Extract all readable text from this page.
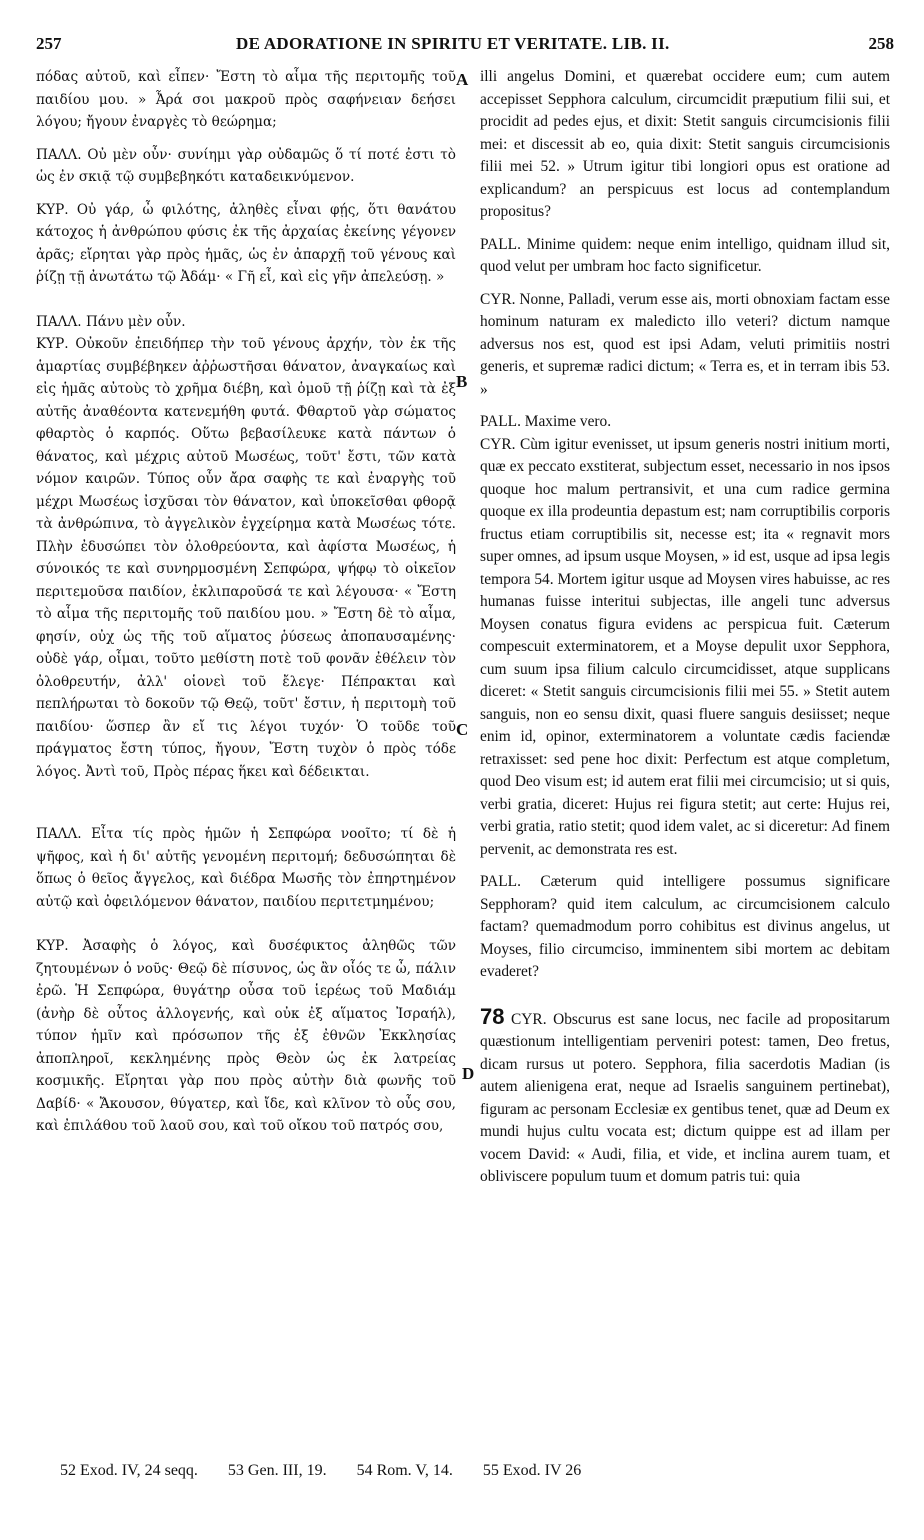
257	DE ADORATIONE IN SPIRITU ET VERITATE. LIB. II.	258

πόδας αὐτοῦ, καὶ εἶπεν· Ἔστη τὸ αἷμα τῆς περιτομῆς τοῦ παιδίου μου. » Ἆρά σοι μακροῦ πρὸς σαφήνειαν δεήσει λόγου; ἤγουν ἐναργὲς τὸ θεώρημα;

ΠΑΛΛ. Οὐ μὲν οὖν· συνίημι γὰρ οὐδαμῶς ὅ τί ποτέ ἐστι τὸ ὡς ἐν σκιᾷ τῷ συμβεβηκότι καταδεικνύμενον.

ΚΥΡ. Οὐ γάρ, ὦ φιλότης, ἀληθὲς εἶναι φῄς, ὅτι θανάτου κάτοχος ἡ ἀνθρώπου φύσις ἐκ τῆς ἀρχαίας ἐκείνης γέγονεν ἀρᾶς; εἴρηται γὰρ πρὸς ἡμᾶς, ὡς ἐν ἀπαρχῇ τοῦ γένους καὶ ῥίζῃ τῇ ἀνωτάτω τῷ Ἀδάμ· « Γῆ εἶ, καὶ εἰς γῆν ἀπελεύσῃ. »

ΠΑΛΛ. Πάνυ μὲν οὖν.

ΚΥΡ. Οὐκοῦν ἐπειδήπερ τὴν τοῦ γένους ἀρχήν, τὸν ἐκ τῆς ἁμαρτίας συμβέβηκεν ἀῤῥωστῆσαι θάνατον, ἀναγκαίως καὶ εἰς ἡμᾶς αὐτοὺς τὸ χρῆμα διέβη, καὶ ὁμοῦ τῇ ῥίζῃ καὶ τὰ ἐξ αὐτῆς ἀναθέοντα κατενεμήθη φυτά. Φθαρτοῦ γὰρ σώματος φθαρτὸς ὁ καρπός. Οὕτω βεβασίλευκε κατὰ πάντων ὁ θάνατος, καὶ μέχρις αὐτοῦ Μωσέως, τοῦτ' ἔστι, τῶν κατὰ νόμον καιρῶν. Τύπος οὖν ἄρα σαφὴς τε καὶ ἐναργὴς τοῦ μέχρι Μωσέως ἰσχῦσαι τὸν θάνατον, καὶ ὑποκεῖσθαι φθορᾷ τὰ ἀνθρώπινα, τὸ ἀγγελικὸν ἐγχείρημα κατὰ Μωσέως τότε. Πλὴν ἐδυσώπει τὸν ὀλοθρεύοντα, καὶ ἀφίστα Μωσέως, ἡ σύνοικός τε καὶ συνηρμοσμένη Σεπφώρα, ψήφῳ τὸ οἰκεῖον περιτεμοῦσα παιδίον, ἐκλιπαροῦσά τε καὶ λέγουσα· « Ἔστη τὸ αἷμα τῆς περιτομῆς τοῦ παιδίου μου. » Ἔστη δὲ τὸ αἷμα, φησίν, οὐχ ὡς τῆς τοῦ αἵματος ῥύσεως ἀποπαυσαμένης· οὐδὲ γάρ, οἶμαι, τοῦτο μεθίστη ποτὲ τοῦ φονᾶν ἐθέλειν τὸν ὀλοθρευτήν, ἀλλ' οἱονεὶ τοῦ ἔλεγε· Πέπρακται καὶ πεπλήρωται τὸ δοκοῦν τῷ Θεῷ, τοῦτ' ἔστιν, ἡ περιτομὴ τοῦ παιδίου· ὥσπερ ἂν εἴ τις λέγοι τυχόν· Ὁ τοῦδε τοῦ πράγματος ἔστη τύπος, ἤγουν, Ἔστη τυχὸν ὁ πρὸς τόδε λόγος. Ἀντὶ τοῦ, Πρὸς πέρας ἥκει καὶ δέδεικται.

ΠΑΛΛ. Εἶτα τίς πρὸς ἡμῶν ἡ Σεπφώρα νοοῖτο; τί δὲ ἡ ψῆφος, καὶ ἡ δι' αὐτῆς γενομένη περιτομή; δεδυσώπηται δὲ ὅπως ὁ θεῖος ἄγγελος, καὶ διέδρα Μωσῆς τὸν ἐπηρτημένον αὐτῷ καὶ ὀφειλόμενον θάνατον, παιδίου περιτετμημένου;

ΚΥΡ. Ἀσαφὴς ὁ λόγος, καὶ δυσέφικτος ἀληθῶς τῶν ζητουμένων ὁ νοῦς· Θεῷ δὲ πίσυνος, ὡς ἂν οἷός τε ὦ, πάλιν ἐρῶ. Ἡ Σεπφώρα, θυγάτηρ οὖσα τοῦ ἱερέως τοῦ Μαδιάμ (ἀνὴρ δὲ οὗτος ἀλλογενής, καὶ οὐκ ἐξ αἵματος Ἰσραήλ), τύπον ἡμῖν καὶ πρόσωπον τῆς ἐξ ἐθνῶν Ἐκκλησίας ἀποπληροῖ, κεκλημένης πρὸς Θεὸν ὡς ἐκ λατρείας κοσμικῆς. Εἴρηται γὰρ που πρὸς αὐτὴν διὰ φωνῆς τοῦ Δαβίδ· « Ἄκουσον, θύγατερ, καὶ ἴδε, καὶ κλῖνον τὸ οὖς σου, καὶ ἐπιλάθου τοῦ λαοῦ σου, καὶ τοῦ οἴκου τοῦ πατρός σου,

illi angelus Domini, et quærebat occidere eum; cum autem accepisset Sepphora calculum, circumcidit præputium filii sui, et procidit ad pedes ejus, et dixit: Stetit sanguis circumcisionis filii mei: et discessit ab eo, quia dixit: Stetit sanguis circumcisionis filii mei 52. » Utrum igitur tibi longiori opus est oratione ad explicandum? an perspicuus est locus ad contemplandum propositus?

PALL. Minime quidem: neque enim intelligo, quidnam illud sit, quod velut per umbram hoc facto significetur.

CYR. Nonne, Palladi, verum esse ais, morti obnoxiam factam esse hominum naturam ex maledicto illo veteri? dictum namque adversus nos est, quod est ipsi Adam, veluti primitiis nostri generis, et supremæ radici dictum; « Terra es, et in terram ibis 53. »

PALL. Maxime vero.

CYR. Cùm igitur evenisset, ut ipsum generis nostri initium morti, quæ ex peccato exstiterat, subjectum esset, necessario in nos ipsos quoque hoc malum pertransivit, et una cum radice germina quoque ex illa prodeuntia depastum est; nam corruptibilis corporis fructus etiam corruptibilis sit, necesse est; ita « regnavit mors super omnes, ad ipsum usque Moysen, » id est, usque ad ipsa legis tempora 54. Mortem igitur usque ad Moysen vires habuisse, ac res humanas fuisse interitui subjectas, ille angeli tunc adversus Moysen conatus figura evidens ac perspicua fuit. Cæterum compescuit exterminatorem, et a Moyse depulit uxor Sepphora, cum suum ipsa filium calculo circumcidisset, atque supplicans diceret: « Stetit sanguis circumcisionis filii mei 55. » Stetit autem sanguis, non eo sensu dixit, quasi fluere sanguis desiisset; neque enim id, opinor, exterminatorem a voluntate cædis faciendæ retraxisset: sed pene hoc dixit: Perfectum est atque completum, quod Deo visum est; id autem erat filii mei circumcisio; ut si quis, verbi gratia, diceret: Hujus rei figura stetit; aut certe: Hujus rei, verbi gratia, ratio stetit; quod idem valet, ac si diceretur: Ad finem pervenit, ac demonstrata res est.

PALL. Cæterum quid intelligere possumus significare Sepphoram? quid item calculum, ac circumcisionem calculo factam? quemadmodum porro cohibitus est divinus angelus, ut Moyses, filio circumciso, imminentem sibi mortem ac debitam evaderet?

78 CYR. Obscurus est sane locus, nec facile ad propositarum quæstionum intelligentiam perveniri potest: tamen, Deo fretus, dicam rursus ut potero. Sepphora, filia sacerdotis Madian (is autem alienigena erat, neque ad Israelis sanguinem pertinebat), figuram ac personam Ecclesiæ ex gentibus tenet, quæ ad Deum ex mundi hujus cultu vocata est; dictum quippe est ad illam per vocem David: « Audi, filia, et vide, et inclina aurem tuam, et obliviscere populum tuum et domum patris tui: quia

A
B
C
D
52 Exod. IV, 24 seqq. 53 Gen. III, 19. 54 Rom. V, 14. 55 Exod. IV 26
